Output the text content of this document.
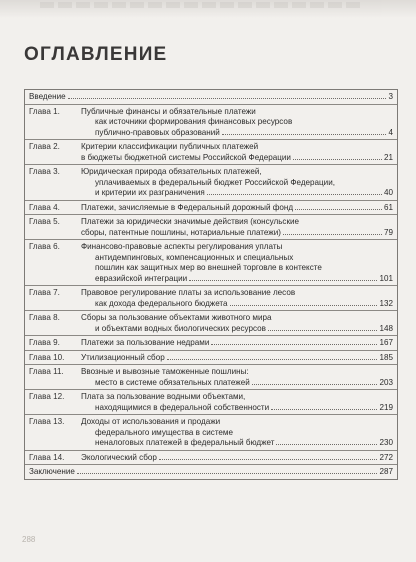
ОГЛАВЛЕНИЕ
Введение	3
Глава 1.	Публичные финансы и обязательные платежи
как источники формирования финансовых ресурсов
публично-правовых образований	4
Глава 2.	Критерии классификации публичных платежей
в бюджеты бюджетной системы Российской Федерации	21
Глава 3.	Юридическая природа обязательных платежей,
уплачиваемых в федеральный бюджет Российской Федерации,
и критерии их разграничения	40
Глава 4.	Платежи, зачисляемые в Федеральный дорожный фонд	61
Глава 5.	Платежи за юридически значимые действия (консульские
сборы, патентные пошлины, нотариальные платежи)	79
Глава 6.	Финансово-правовые аспекты регулирования уплаты
антидемпинговых, компенсационных и специальных
пошлин как защитных мер во внешней торговле в контексте
евразийской интеграции	101
Глава 7.	Правовое регулирование платы за использование лесов
как дохода федерального бюджета	132
Глава 8.	Сборы за пользование объектами животного мира
и объектами водных биологических ресурсов	148
Глава 9.	Платежи за пользование недрами	167
Глава 10.	Утилизационный сбор	185
Глава 11.	Ввозные и вывозные таможенные пошлины:
место в системе обязательных платежей	203
Глава 12.	Плата за пользование водными объектами,
находящимися в федеральной собственности	219
Глава 13.	Доходы от использования и продажи
федерального имущества в системе
неналоговых платежей в федеральный бюджет	230
Глава 14.	Экологический сбор	272
Заключение	287
288
